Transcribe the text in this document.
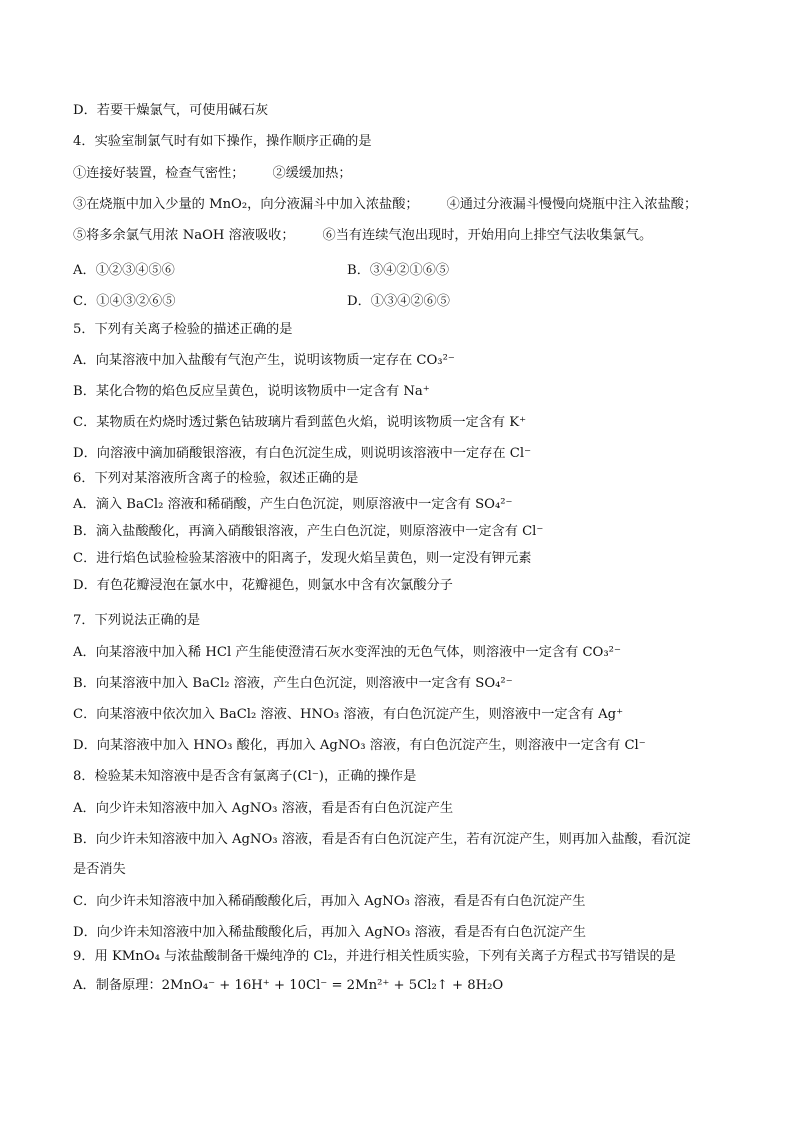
D．若要干燥氯气，可使用碱石灰
4．实验室制氯气时有如下操作，操作顺序正确的是
①连接好装置，检查气密性； ②缓缓加热；
③在烧瓶中加入少量的 MnO₂，向分液漏斗中加入浓盐酸； ④通过分液漏斗慢慢向烧瓶中注入浓盐酸；
⑤将多余氯气用浓 NaOH 溶液吸收； ⑥当有连续气泡出现时，开始用向上排空气法收集氯气。
A．①②③④⑤⑥	B．③④②①⑥⑤
C．①④③②⑥⑤	D．①③④②⑥⑤
5．下列有关离子检验的描述正确的是
A．向某溶液中加入盐酸有气泡产生，说明该物质一定存在 CO₃²⁻
B．某化合物的焰色反应呈黄色，说明该物质中一定含有 Na⁺
C．某物质在灼烧时透过紫色钴玻璃片看到蓝色火焰，说明该物质一定含有 K⁺
D．向溶液中滴加硝酸银溶液，有白色沉淀生成，则说明该溶液中一定存在 Cl⁻
6．下列对某溶液所含离子的检验，叙述正确的是
A．滴入 BaCl₂ 溶液和稀硝酸，产生白色沉淀，则原溶液中一定含有 SO₄²⁻
B．滴入盐酸酸化，再滴入硝酸银溶液，产生白色沉淀，则原溶液中一定含有 Cl⁻
C．进行焰色试验检验某溶液中的阳离子，发现火焰呈黄色，则一定没有钾元素
D．有色花瓣浸泡在氯水中，花瓣褪色，则氯水中含有次氯酸分子
7．下列说法正确的是
A．向某溶液中加入稀 HCl 产生能使澄清石灰水变浑浊的无色气体，则溶液中一定含有 CO₃²⁻
B．向某溶液中加入 BaCl₂ 溶液，产生白色沉淀，则溶液中一定含有 SO₄²⁻
C．向某溶液中依次加入 BaCl₂ 溶液、HNO₃ 溶液，有白色沉淀产生，则溶液中一定含有 Ag⁺
D．向某溶液中加入 HNO₃ 酸化，再加入 AgNO₃ 溶液，有白色沉淀产生，则溶液中一定含有 Cl⁻
8．检验某未知溶液中是否含有氯离子(Cl⁻)，正确的操作是
A．向少许未知溶液中加入 AgNO₃ 溶液，看是否有白色沉淀产生
B．向少许未知溶液中加入 AgNO₃ 溶液，看是否有白色沉淀产生，若有沉淀产生，则再加入盐酸，看沉淀
是否消失
C．向少许未知溶液中加入稀硝酸酸化后，再加入 AgNO₃ 溶液，看是否有白色沉淀产生
D．向少许未知溶液中加入稀盐酸酸化后，再加入 AgNO₃ 溶液，看是否有白色沉淀产生
9．用 KMnO₄ 与浓盐酸制备干燥纯净的 Cl₂，并进行相关性质实验，下列有关离子方程式书写错误的是
A．制备原理：2MnO₄⁻ + 16H⁺ + 10Cl⁻ = 2Mn²⁺ + 5Cl₂↑ + 8H₂O
